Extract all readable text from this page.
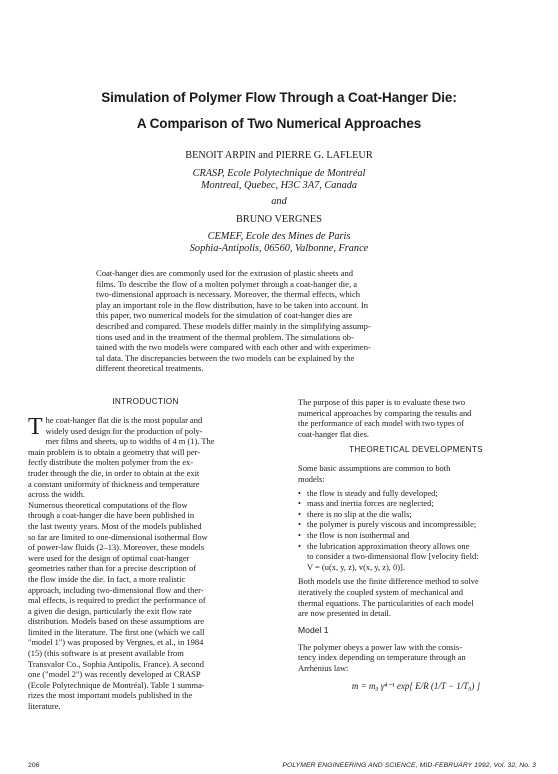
Simulation of Polymer Flow Through a Coat-Hanger Die:
A Comparison of Two Numerical Approaches
BENOIT ARPIN and PIERRE G. LAFLEUR
CRASP, Ecole Polytechnique de Montréal
Montreal, Quebec, H3C 3A7, Canada
and
BRUNO VERGNES
CEMEF, Ecole des Mines de Paris
Sophia-Antipolis, 06560, Valbonne, France
Coat-hanger dies are commonly used for the extrusion of plastic sheets and
films. To describe the flow of a molten polymer through a coat-hanger die, a
two-dimensional approach is necessary. Moreover, the thermal effects, which
play an important role in the flow distribution, have to be taken into account. In
this paper, two numerical models for the simulation of coat-hanger dies are
described and compared. These models differ mainly in the simplifying assump-
tions used and in the treatment of the thermal problem. The simulations ob-
tained with the two models were compared with each other and with experimen-
tal data. The discrepancies between the two models can be explained by the
different theoretical treatments.
INTRODUCTION
T he coat-hanger flat die is the most popular and
widely used design for the production of poly-
mer films and sheets, up to widths of 4 m (1). The
main problem is to obtain a geometry that will per-
fectly distribute the molten polymer from the ex-
truder through the die, in order to obtain at the exit
a constant uniformity of thickness and temperature
across the width.
Numerous theoretical computations of the flow
through a coat-hanger die have been published in
the last twenty years. Most of the models published
so far are limited to one-dimensional isothermal flow
of power-law fluids (2–13). Moreover, these models
were used for the design of optimal coat-hanger
geometries rather than for a precise description of
the flow inside the die. In fact, a more realistic
approach, including two-dimensional flow and ther-
mal effects, is required to predict the performance of
a given die design, particularly the exit flow rate
distribution. Models based on these assumptions are
limited in the literature. The first one (which we call
"model 1") was proposed by Vergnes, et al., in 1984
(15) (this software is at present available from
Transvalor Co., Sophia Antipolis, France). A second
one ("model 2") was recently developed at CRASP
(Ecole Polytechnique de Montréal). Table 1 summa-
rizes the most important models published in the
literature.
The purpose of this paper is to evaluate these two
numerical approaches by comparing the results and
the performance of each model with two types of
coat-hanger flat dies.
THEORETICAL DEVELOPMENTS
Some basic assumptions are common to both
models:
• the flow is steady and fully developed;
• mass and inertia forces are neglected;
• there is no slip at the die walls;
• the polymer is purely viscous and incompressible;
• the flow is non isothermal and
• the lubrication approximation theory allows one
to consider a two-dimensional flow [velocity field:
V = (u(x, y, z), v(x, y, z), 0)].
Both models use the finite difference method to solve
iteratively the coupled system of mechanical and
thermal equations. The particularities of each model
are now presented in detail.
Model 1
The polymer obeys a power law with the consis-
tency index depending on temperature through an
Arrhenius law:
m = m₀ γ̇ⁿ⁻¹ exp[ E/R (1/T − 1/T₀) ]
206	POLYMER ENGINEERING AND SCIENCE, MID-FEBRUARY 1992, Vol. 32, No. 3
